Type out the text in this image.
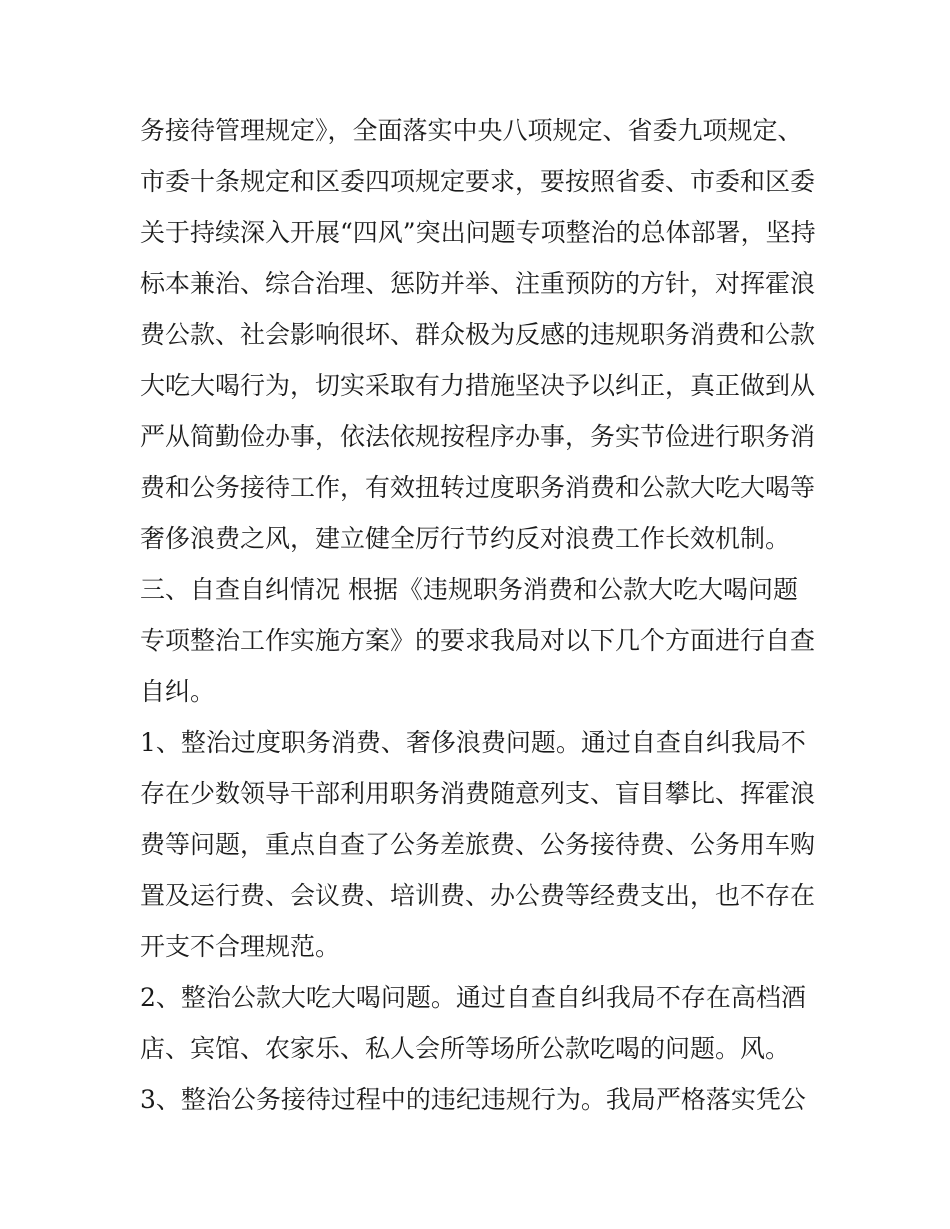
务接待管理规定》，全面落实中央八项规定、省委九项规定、
市委十条规定和区委四项规定要求，要按照省委、市委和区委
关于持续深入开展“四风”突出问题专项整治的总体部署，坚持
标本兼治、综合治理、惩防并举、注重预防的方针，对挥霍浪
费公款、社会影响很坏、群众极为反感的违规职务消费和公款
大吃大喝行为，切实采取有力措施坚决予以纠正，真正做到从
严从简勤俭办事，依法依规按程序办事，务实节俭进行职务消
费和公务接待工作，有效扭转过度职务消费和公款大吃大喝等
奢侈浪费之风，建立健全厉行节约反对浪费工作长效机制。
三、自查自纠情况 根据《违规职务消费和公款大吃大喝问题
专项整治工作实施方案》的要求我局对以下几个方面进行自查
自纠。
1、整治过度职务消费、奢侈浪费问题。通过自查自纠我局不
存在少数领导干部利用职务消费随意列支、盲目攀比、挥霍浪
费等问题，重点自查了公务差旅费、公务接待费、公务用车购
置及运行费、会议费、培训费、办公费等经费支出，也不存在
开支不合理规范。
2、整治公款大吃大喝问题。通过自查自纠我局不存在高档酒
店、宾馆、农家乐、私人会所等场所公款吃喝的问题。风。
3、整治公务接待过程中的违纪违规行为。我局严格落实凭公
